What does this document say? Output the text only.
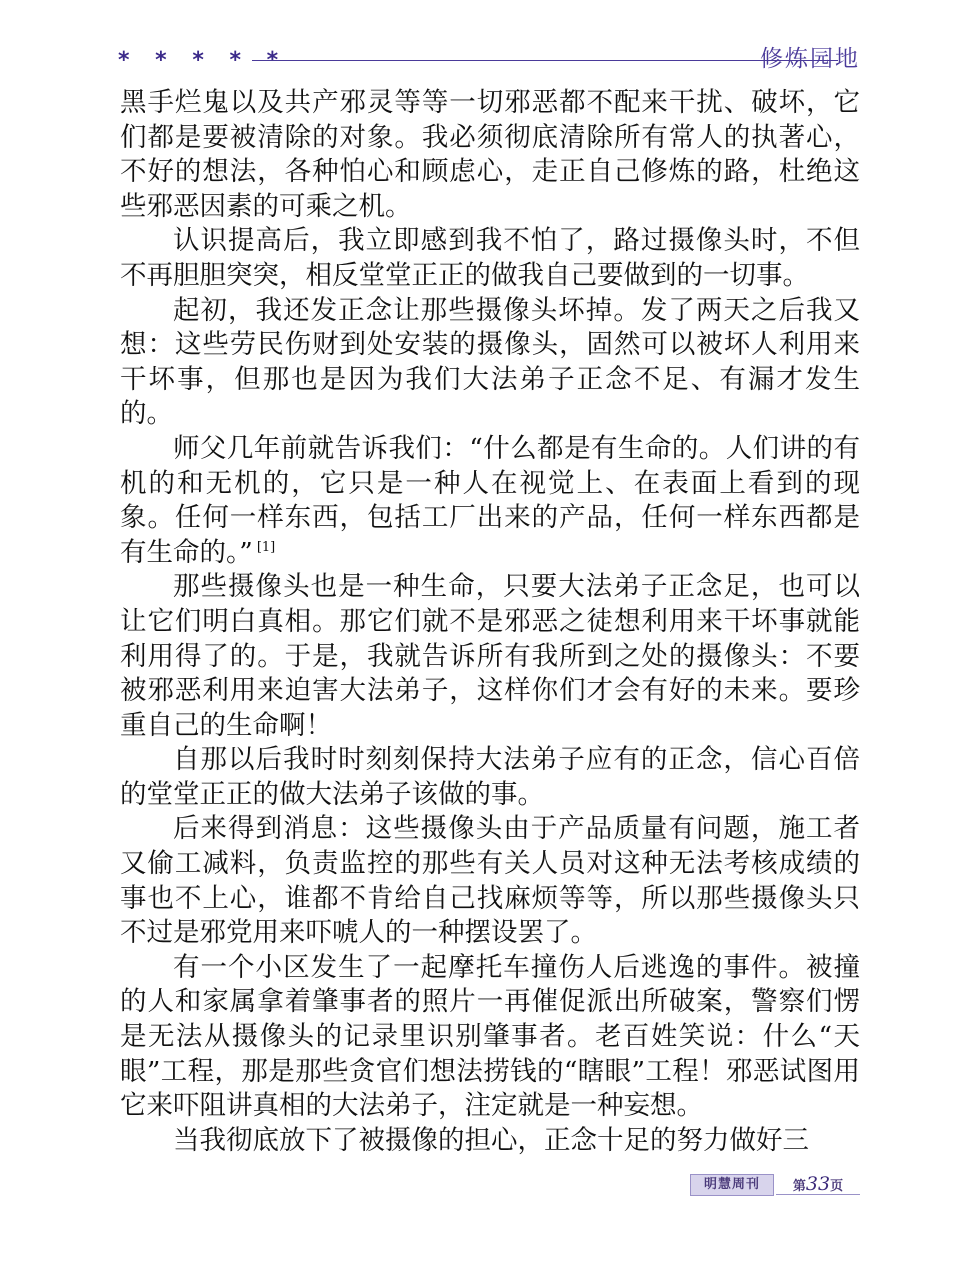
* * * * *	修炼园地

黑手烂鬼以及共产邪灵等等一切邪恶都不配来干扰、破坏，它们都是要被清除的对象。我必须彻底清除所有常人的执著心，不好的想法，各种怕心和顾虑心，走正自己修炼的路，杜绝这些邪恶因素的可乘之机。

认识提高后，我立即感到我不怕了，路过摄像头时，不但不再胆胆突突，相反堂堂正正的做我自己要做到的一切事。

起初，我还发正念让那些摄像头坏掉。发了两天之后我又想：这些劳民伤财到处安装的摄像头，固然可以被坏人利用来干坏事，但那也是因为我们大法弟子正念不足、有漏才发生的。

师父几年前就告诉我们：“什么都是有生命的。人们讲的有机的和无机的，它只是一种人在视觉上、在表面上看到的现象。任何一样东西，包括工厂出来的产品，任何一样东西都是有生命的。” [1]

那些摄像头也是一种生命，只要大法弟子正念足，也可以让它们明白真相。那它们就不是邪恶之徒想利用来干坏事就能利用得了的。于是，我就告诉所有我所到之处的摄像头：不要被邪恶利用来迫害大法弟子，这样你们才会有好的未来。要珍重自己的生命啊！

自那以后我时时刻刻保持大法弟子应有的正念，信心百倍的堂堂正正的做大法弟子该做的事。

后来得到消息：这些摄像头由于产品质量有问题，施工者又偷工减料，负责监控的那些有关人员对这种无法考核成绩的事也不上心，谁都不肯给自己找麻烦等等，所以那些摄像头只不过是邪党用来吓唬人的一种摆设罢了。

有一个小区发生了一起摩托车撞伤人后逃逸的事件。被撞的人和家属拿着肇事者的照片一再催促派出所破案，警察们愣是无法从摄像头的记录里识别肇事者。老百姓笑说：什么“天眼”工程，那是那些贪官们想法捞钱的“瞎眼”工程！邪恶试图用它来吓阻讲真相的大法弟子，注定就是一种妄想。

当我彻底放下了被摄像的担心，正念十足的努力做好三

明慧周刊	第33页
